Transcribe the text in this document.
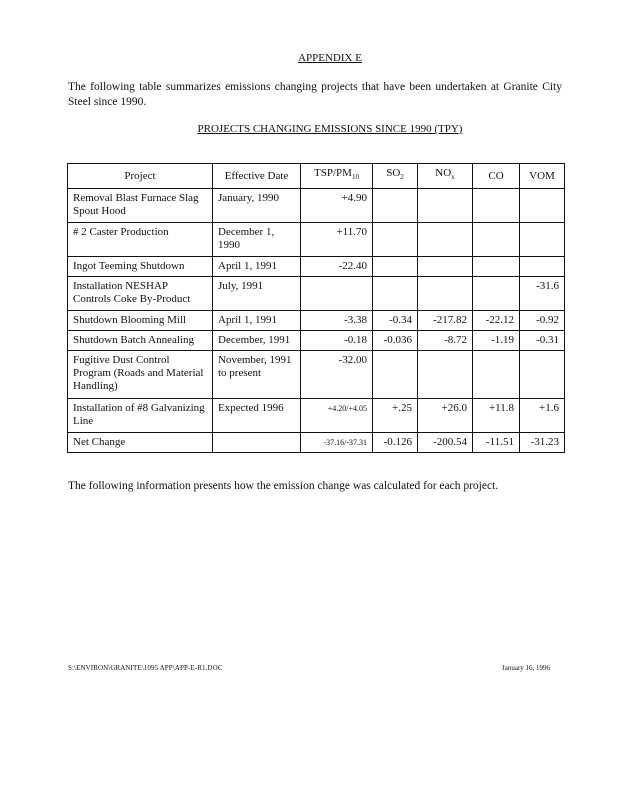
APPENDIX E
The following table summarizes emissions changing projects that have been undertaken at Granite City Steel since 1990.
PROJECTS CHANGING EMISSIONS SINCE 1990 (TPY)
Project	Effective Date	TSP/$PM_{10}$	$SO_2$	$NO_x$	CO	VOM
Removal Blast Furnace Slag Spout Hood	January, 1990	+4.90				
# 2 Caster Production	December 1, 1990	+11.70				
Ingot Teeming Shutdown	April 1, 1991	-22.40				
Installation NESHAP Controls Coke By-Product	July, 1991					-31.6
Shutdown Blooming Mill	April 1, 1991	-3.38	-0.34	-217.82	-22.12	-0.92
Shutdown Batch Annealing	December, 1991	-0.18	-0.036	-8.72	-1.19	-0.31
Fugitive Dust Control Program (Roads and Material Handling)	November, 1991 to present	-32.00				
Installation of #8 Galvanizing Line	Expected 1996	+4.20/+4.05	+.25	+26.0	+11.8	+1.6
Net Change		-37.16/-37.31	-0.126	-200.54	-11.51	-31.23
The following information presents how the emission change was calculated for each project.
S:\ENVIRON\GRANITE\1095 APP\APP-E-R1.DOC	January 16, 1996
